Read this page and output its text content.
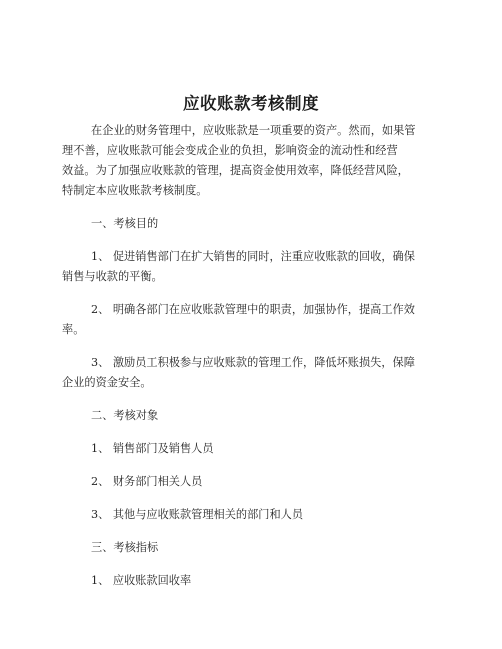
应收账款考核制度
在企业的财务管理中，应收账款是一项重要的资产。然而，如果管
理不善，应收账款可能会变成企业的负担，影响资金的流动性和经营
效益。为了加强应收账款的管理，提高资金使用效率，降低经营风险，
特制定本应收账款考核制度。
一、考核目的
1、 促进销售部门在扩大销售的同时，注重应收账款的回收，确保
销售与收款的平衡。
2、 明确各部门在应收账款管理中的职责，加强协作，提高工作效
率。
3、 激励员工积极参与应收账款的管理工作，降低坏账损失，保障
企业的资金安全。
二、考核对象
1、 销售部门及销售人员
2、 财务部门相关人员
3、 其他与应收账款管理相关的部门和人员
三、考核指标
1、 应收账款回收率
